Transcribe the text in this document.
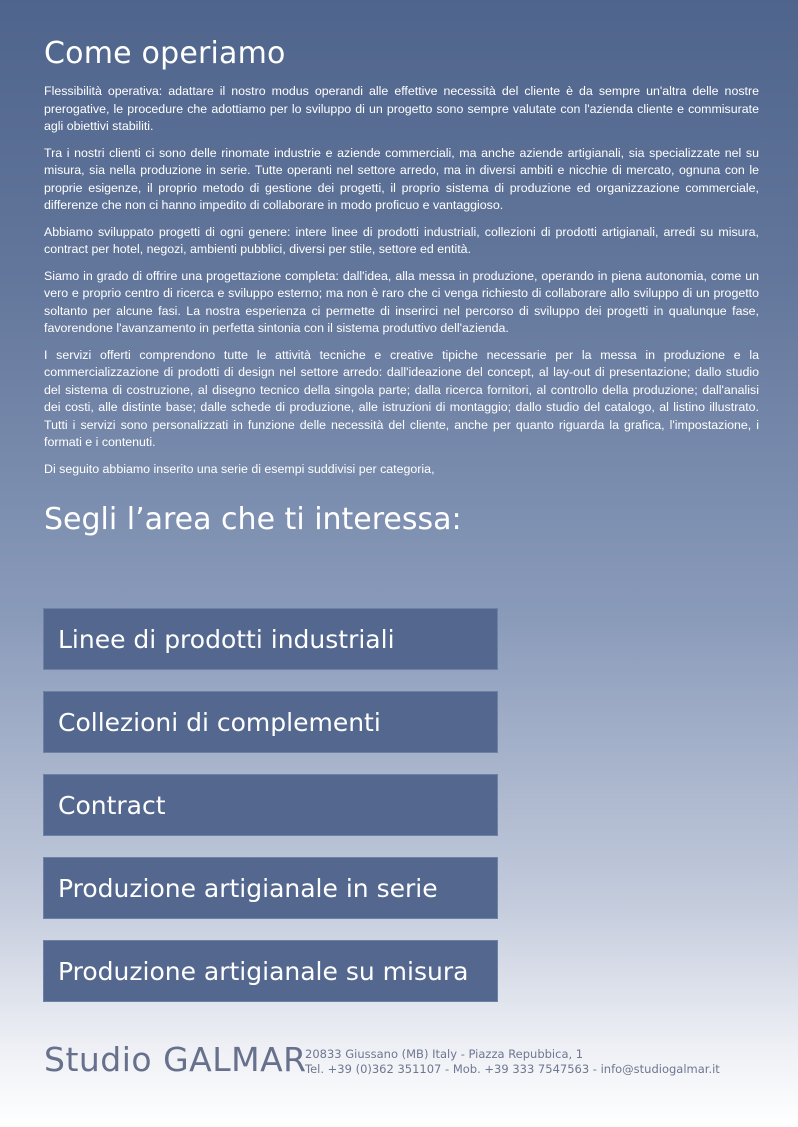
Come operiamo

Flessibilità operativa: adattare il nostro modus operandi alle effettive necessità del cliente è da sempre un'altra delle nostre prerogative, le procedure che adottiamo per lo sviluppo di un progetto sono sempre valutate con l'azienda cliente e commisurate agli obiettivi stabiliti.

Tra i nostri clienti ci sono delle rinomate industrie e aziende commerciali, ma anche aziende artigianali, sia specializzate nel su misura, sia nella produzione in serie. Tutte operanti nel settore arredo, ma in diversi ambiti e nicchie di mercato, ognuna con le proprie esigenze, il proprio metodo di gestione dei progetti, il proprio sistema di produzione ed organizzazione commerciale, differenze che non ci hanno impedito di collaborare in modo proficuo e vantaggioso.

Abbiamo sviluppato progetti di ogni genere: intere linee di prodotti industriali, collezioni di prodotti artigianali, arredi su misura, contract per hotel, negozi, ambienti pubblici, diversi per stile, settore ed entità.

Siamo in grado di offrire una progettazione completa: dall'idea, alla messa in produzione, operando in piena autonomia, come un vero e proprio centro di ricerca e sviluppo esterno; ma non è raro che ci venga richiesto di collaborare allo sviluppo di un progetto soltanto per alcune fasi. La nostra esperienza ci permette di inserirci nel percorso di sviluppo dei progetti in qualunque fase, favorendone l'avanzamento in perfetta sintonia con il sistema produttivo dell'azienda.

I servizi offerti comprendono tutte le attività tecniche e creative tipiche necessarie per la messa in produzione e la commercializzazione di prodotti di design nel settore arredo: dall'ideazione del concept, al lay-out di presentazione; dallo studio del sistema di costruzione, al disegno tecnico della singola parte; dalla ricerca fornitori, al controllo della produzione; dall'analisi dei costi, alle distinte base; dalle schede di produzione, alle istruzioni di montaggio; dallo studio del catalogo, al listino illustrato. Tutti i servizi sono personalizzati in funzione delle necessità del cliente, anche per quanto riguarda la grafica, l'impostazione, i formati e i contenuti.

Di seguito abbiamo inserito una serie di esempi suddivisi per categoria,

Segli l’area che ti interessa:
Linee di prodotti industriali
Collezioni di complementi
Contract
Produzione artigianale in serie
Produzione artigianale su misura
Studio GALMAR
20833 Giussano (MB) Italy - Piazza Repubbica, 1
Tel. +39 (0)362 351107 - Mob. +39 333 7547563 - info@studiogalmar.it
